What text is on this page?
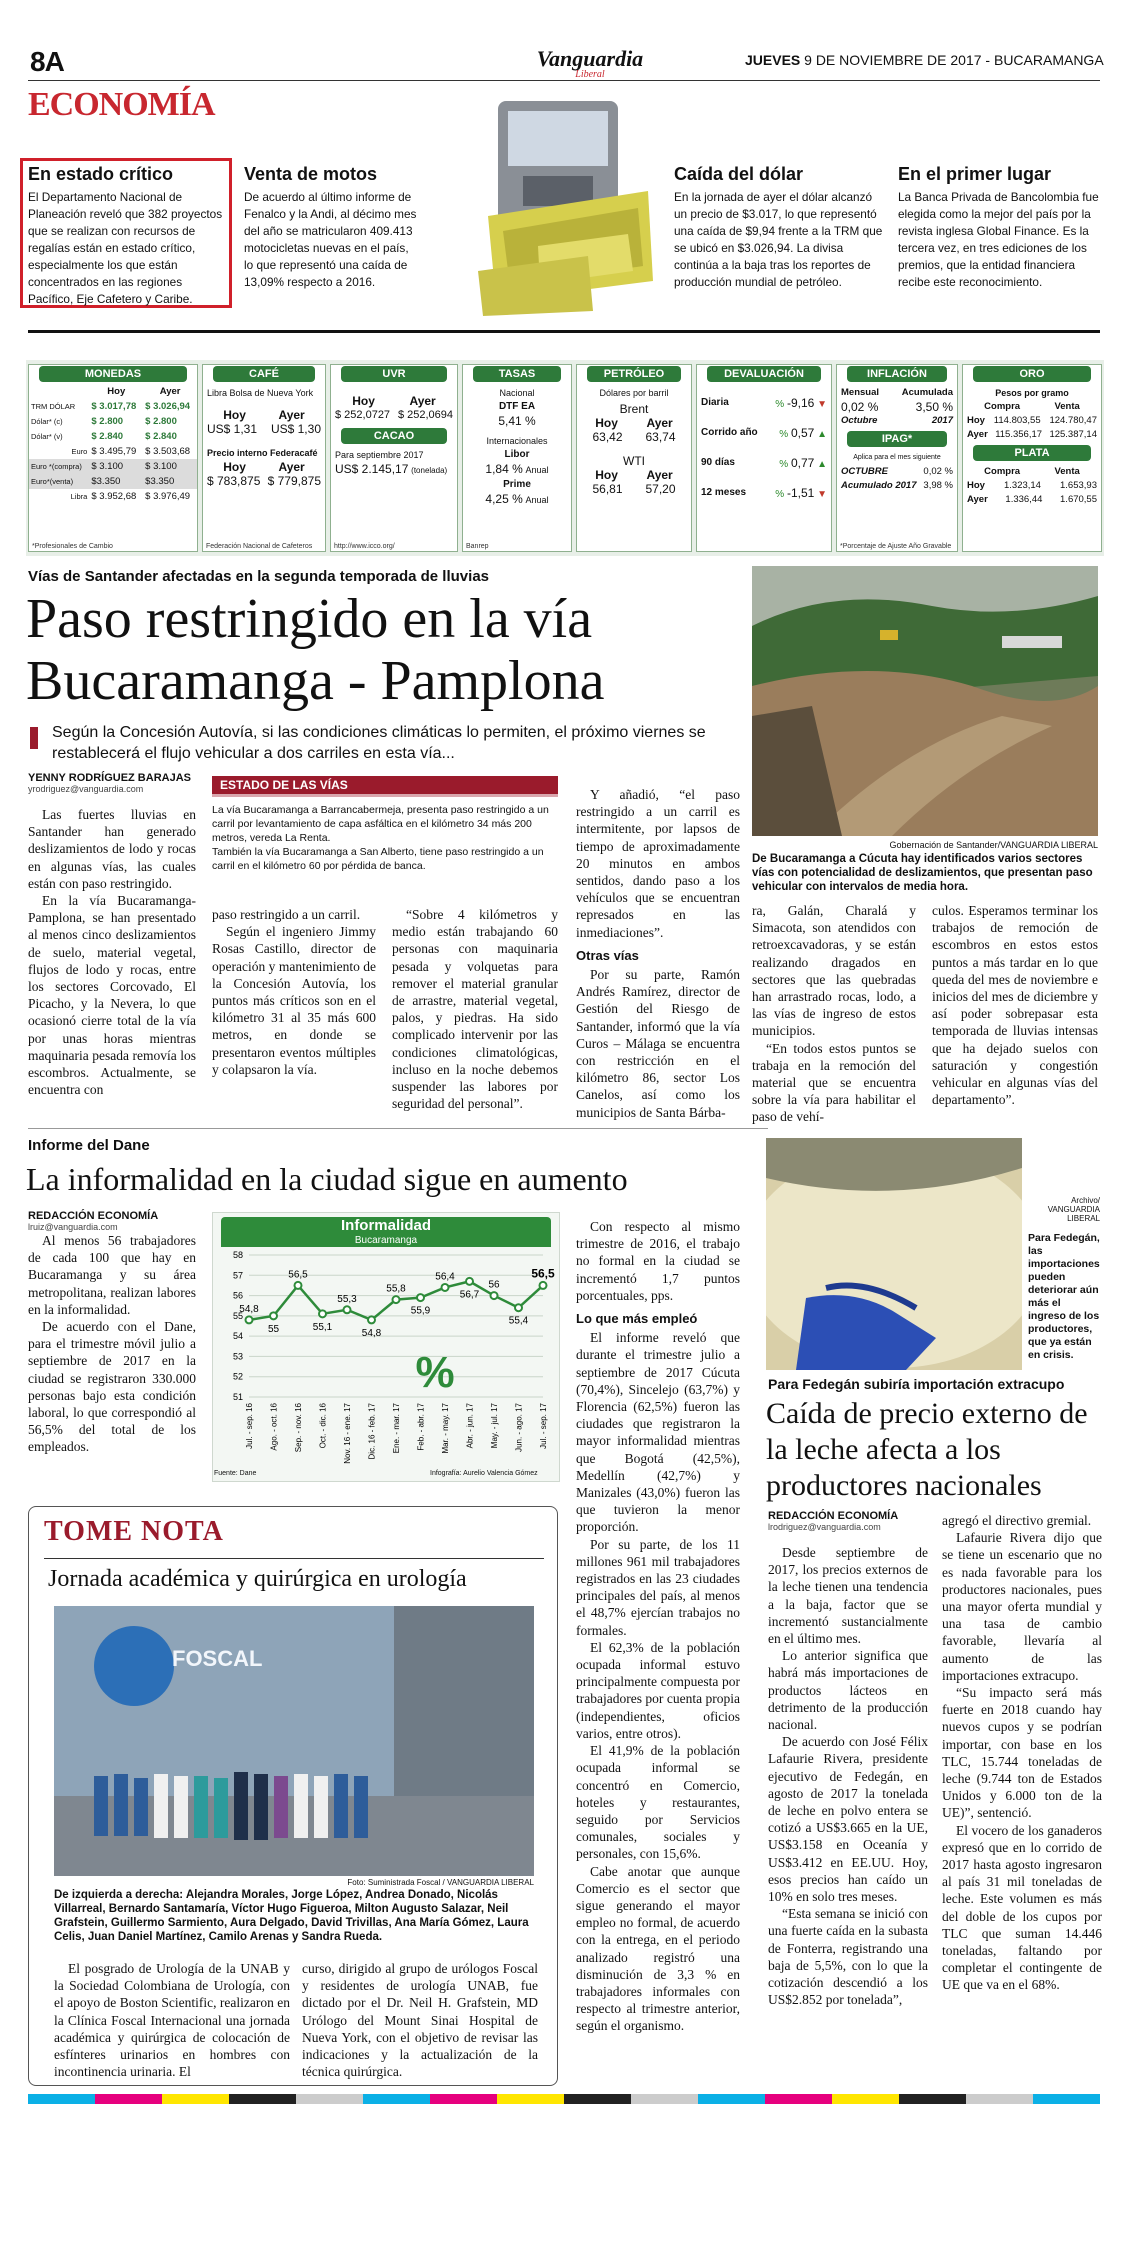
8A	Vanguardia
Liberal
JUEVES 9 DE NOVIEMBRE DE 2017 - BUCARAMANGA
ECONOMÍA
En estado crítico
El Departamento Nacional de Planeación reveló que 382 proyectos que se realizan con recursos de regalías están en estado crítico, especialmente los que están concentrados en las regiones Pacífico, Eje Cafetero y Caribe.
Venta de motos
De acuerdo al último informe de Fenalco y la Andi, al décimo mes del año se matricularon 409.413 motocicletas nuevas en el país, lo que representó una caída de 13,09% respecto a 2016.
Caída del dólar
En la jornada de ayer el dólar alcanzó un precio de $3.017, lo que representó una caída de $9,94 frente a la TRM que se ubicó en $3.026,94. La divisa continúa a la baja tras los reportes de producción mundial de petróleo.
En el primer lugar
La Banca Privada de Bancolombia fue elegida como la mejor del país por la revista inglesa Global Finance. Es la tercera vez, en tres ediciones de los premios, que la entidad financiera recibe este reconocimiento.
MONEDAS
	Hoy	Ayer
TRM DÓLAR	$ 3.017,78	$ 3.026,94
Dólar* (c)	$ 2.800	$ 2.800
Dólar* (v)	$ 2.840	$ 2.840
Euro	$ 3.495,79	$ 3.503,68
Euro *(compra)	$ 3.100	$ 3.100
Euro*(venta)	$3.350	$3.350
Libra	$ 3.952,68	$ 3.976,49
*Profesionales de Cambio
CAFÉ
Libra Bolsa de Nueva York
Hoy	Ayer
US$ 1,31 US$ 1,30
Precio interno Federacafé
Hoy	Ayer
$ 783,875 $ 779,875
Federación Nacional de Cafeteros
UVR
Hoy	Ayer
$ 252,0727 $ 252,0694
CACAO
Para septiembre 2017
US$ 2.145,17 (tonelada)
http://www.icco.org/
TASAS
Nacional
DTF EA
5,41 %
Internacionales
Libor
1,84 % Anual
Prime
4,25 % Anual
Banrep
PETRÓLEO
Dólares por barril
Brent
Hoy Ayer
63,42 63,74
WTI
Hoy Ayer
56,81 57,20
DEVALUACIÓN
Diaria	% -9,16 ▼
Corrido año % 0,57 ▲
90 días	% 0,77 ▲
12 meses	% -1,51 ▼
INFLACIÓN
Mensual Acumulada
0,02 %	3,50 %
Octubre	2017
IPAG*
Aplica para el mes siguiente
OCTUBRE	0,02 %
Acumulado 2017 3,98 %
*Porcentaje de Ajuste Año Gravable
ORO
Pesos por gramo
Compra	Venta
Hoy 114.803,55 124.780,47
Ayer 115.356,17 125.387,14
PLATA
Compra	Venta
Hoy 1.323,14 1.653,93
Ayer 1.336,44 1.670,55
Vías de Santander afectadas en la segunda temporada de lluvias
Paso restringido en la vía
Bucaramanga - Pamplona
Según la Concesión Autovía, si las condiciones climáticas lo permiten, el próximo viernes se restablecerá el flujo vehicular a dos carriles en esta vía...
YENNY RODRÍGUEZ BARAJAS
yrodriguez@vanguardia.com	ESTADO DE LAS VÍAS
La vía Bucaramanga a Barrancabermeja, presenta paso restringido a un carril por levantamiento de capa asfáltica en el kilómetro 34 más 200 metros, vereda La Renta.
También la vía Bucaramanga a San Alberto, tiene paso restringido a un carril en el kilómetro 60 por pérdida de banca.

Las fuertes lluvias en Santander han generado deslizamientos de lodo y rocas en algunas vías, las cuales están con paso restringido.

En la vía Bucaramanga-Pamplona, se han presentado al menos cinco deslizamientos de suelo, material vegetal, flujos de lodo y rocas, entre los sectores Corcovado, El Picacho, y la Nevera, lo que ocasionó cierre total de la vía por unas horas mientras maquinaria pesada removía los escombros. Actualmente, se encuentra con

paso restringido a un carril.

Según el ingeniero Jimmy Rosas Castillo, director de operación y mantenimiento de la Concesión Autovía, los puntos más críticos son en el kilómetro 31 al 35 más 600 metros, en donde se presentaron eventos múltiples y colapsaron la vía.

“Sobre 4 kilómetros y medio están trabajando 60 personas con maquinaria pesada y volquetas para remover el material granular de arrastre, material vegetal, palos, y piedras. Ha sido complicado intervenir por las condiciones climatológicas, incluso en la noche debemos suspender las labores por seguridad del personal”.

Y añadió, “el paso restringido a un carril es intermitente, por lapsos de tiempo de aproximadamente 20 minutos en ambos sentidos, dando paso a los vehículos que se encuentran represados en las inmediaciones”.

Otras vías

Por su parte, Ramón Andrés Ramírez, director de Gestión del Riesgo de Santander, informó que la vía Curos – Málaga se encuentra con restricción en el kilómetro 86, sector Los Canelos, así como los municipios de Santa Bárba-

Gobernación de Santander/VANGUARDIA LIBERAL
De Bucaramanga a Cúcuta hay identificados varios sectores vías con potencialidad de deslizamientos, que presentan paso vehicular con intervalos de media hora.

ra, Galán, Charalá y Simacota, son atendidos con retroexcavadoras, y se están realizando dragados en sectores que las quebradas han arrastrado rocas, lodo, a las vías de ingreso de estos municipios.

“En todos estos puntos se trabaja en la remoción del material que se encuentra sobre la vía para habilitar el paso de vehí-

culos. Esperamos terminar los trabajos de remoción de escombros en estos estos puntos a más tardar en lo que queda del mes de noviembre e inicios del mes de diciembre y así poder sobrepasar esta temporada de lluvias intensas que ha dejado suelos con saturación y congestión vehicular en algunas vías del departamento”.

Informe del Dane
La informalidad en la ciudad sigue en aumento
REDACCIÓN ECONOMÍA
lruiz@vanguardia.com

Al menos 56 trabajadores de cada 100 que hay en Bucaramanga y su área metropolitana, realizan labores en la informalidad.

De acuerdo con el Dane, para el trimestre móvil julio a septiembre de 2017 en la ciudad se registraron 330.000 personas bajo esta condición laboral, lo que correspondió al 56,5% del total de los empleados.

Informalidad
Bucaramanga
51
52
53
54
55
56
57
58
54,8
55
56,5
55,1
55,3
54,8
55,8
55,9
56,4
56,7
56
55,4
56,5
Jul. - sep. 16 Ago. - oct. 16 Sep. - nov. 16 Oct. - dic. 16 Nov. 16 - ene. 17 Dic. 16 - feb. 17 Ene. - mar. 17 Feb. - abr. 17 Mar. - may. 17 Abr. - jun. 17 May. - jul. 17 Jun. - ago. 17 Jul. - sep. 17
%
Fuente: Dane	Infografía: Aurelio Valencia Gómez

Con respecto al mismo trimestre de 2016, el trabajo no formal en la ciudad se incrementó 1,7 puntos porcentuales, pps.

Lo que más empleó

El informe reveló que durante el trimestre julio a septiembre de 2017 Cúcuta (70,4%), Sincelejo (63,7%) y Florencia (62,5%) fueron las ciudades que registraron la mayor informalidad mientras que Bogotá (42,5%), Medellín (42,7%) y Manizales (43,0%) fueron las que tuvieron la menor proporción.

Por su parte, de los 11 millones 961 mil trabajadores registrados en las 23 ciudades principales del país, al menos el 48,7% ejercían trabajos no formales.

El 62,3% de la población ocupada informal estuvo principalmente compuesta por trabajadores por cuenta propia (independientes, oficios varios, entre otros).

El 41,9% de la población ocupada informal se concentró en Comercio, hoteles y restaurantes, seguido por Servicios comunales, sociales y personales, con 15,6%.

Cabe anotar que aunque Comercio es el sector que sigue generando el mayor empleo no formal, de acuerdo con la entrega, en el periodo analizado registró una disminución de 3,3 % en trabajadores informales con respecto al trimestre anterior, según el organismo.

TOME NOTA
Jornada académica y quirúrgica en urología
FOSCAL
Foto: Suministrada Foscal / VANGUARDIA LIBERAL
De izquierda a derecha: Alejandra Morales, Jorge López, Andrea Donado, Nicolás Villarreal, Bernardo Santamaría, Víctor Hugo Figueroa, Milton Augusto Salazar, Neil Grafstein, Guillermo Sarmiento, Aura Delgado, David Trivillas, Ana María Gómez, Laura Celis, Juan Daniel Martínez, Camilo Arenas y Sandra Rueda.

El posgrado de Urología de la UNAB y la Sociedad Colombiana de Urología, con el apoyo de Boston Scientific, realizaron en la Clínica Foscal Internacional una jornada académica y quirúrgica de colocación de esfínteres urinarios en hombres con incontinencia urinaria. El

curso, dirigido al grupo de urólogos Foscal y residentes de urología UNAB, fue dictado por el Dr. Neil H. Grafstein, MD Urólogo del Mount Sinai Hospital de Nueva York, con el objetivo de revisar las indicaciones y la actualización de la técnica quirúrgica.

Archivo/ VANGUARDIA LIBERAL
Para Fedegán, las importaciones pueden deteriorar aún más el ingreso de los productores, que ya están en crisis.
Para Fedegán subiría importación extracupo
Caída de precio externo de la leche afecta a los productores nacionales
REDACCIÓN ECONOMÍA
lrodriguez@vanguardia.com

Desde septiembre de 2017, los precios externos de la leche tienen una tendencia a la baja, factor que se incrementó sustancialmente en el último mes.

Lo anterior significa que habrá más importaciones de productos lácteos en detrimento de la producción nacional.

De acuerdo con José Félix Lafaurie Rivera, presidente ejecutivo de Fedegán, en agosto de 2017 la tonelada de leche en polvo entera se cotizó a US$3.665 en la UE, US$3.158 en Oceanía y US$3.412 en EE.UU. Hoy, esos precios han caído un 10% en solo tres meses.

“Esta semana se inició con una fuerte caída en la subasta de Fonterra, registrando una baja de 5,5%, con lo que la cotización descendió a los US$2.852 por tonelada”,

agregó el directivo gremial.

Lafaurie Rivera dijo que se tiene un escenario que no es nada favorable para los productores nacionales, pues una mayor oferta mundial y una tasa de cambio favorable, llevaría al aumento de las importaciones extracupo.

“Su impacto será más fuerte en 2018 cuando hay nuevos cupos y se podrían importar, con base en los TLC, 15.744 toneladas de leche (9.744 ton de Estados Unidos y 6.000 ton de la UE)”, sentenció.

El vocero de los ganaderos expresó que en lo corrido de 2017 hasta agosto ingresaron al país 31 mil toneladas de leche. Este volumen es más del doble de los cupos por TLC que suman 14.446 toneladas, faltando por completar el contingente de UE que va en el 68%.
